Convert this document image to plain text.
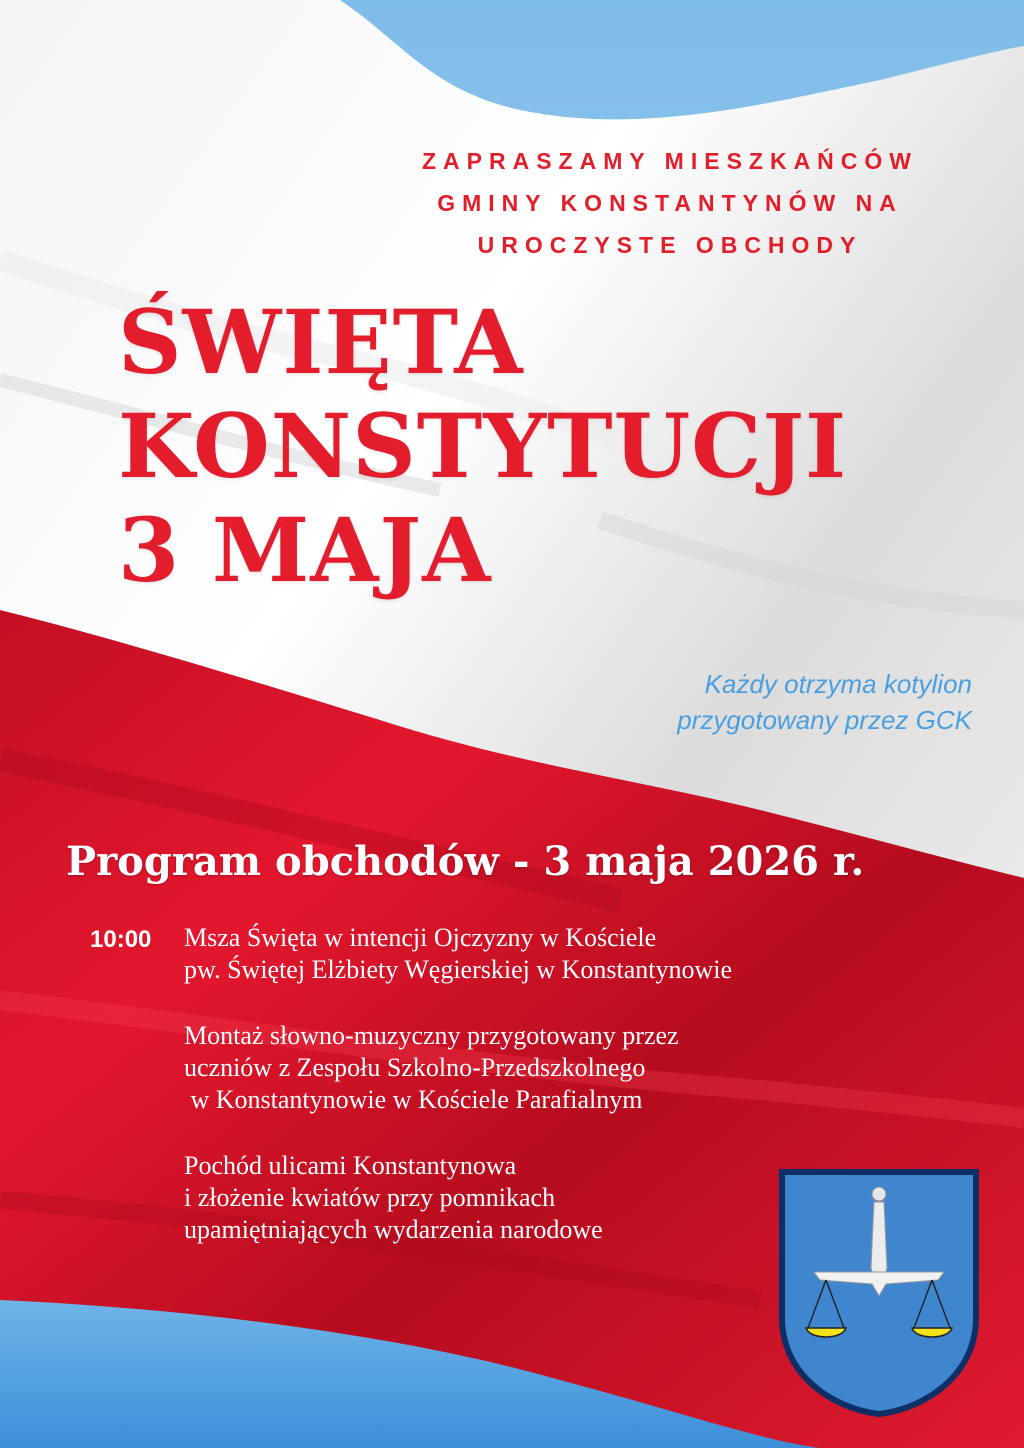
ZAPRASZAMY MIESZKAŃCÓW
GMINY KONSTANTYNÓW NA
UROCZYSTE OBCHODY
ŚWIĘTA
KONSTYTUCJI
3 MAJA
Każdy otrzyma kotylion
przygotowany przez GCK
Program obchodów - 3 maja 2026 r.
10:00 Msza Święta w intencji Ojczyzny w Kościele
pw. Świętej Elżbiety Węgierskiej w Konstantynowie
Montaż słowno-muzyczny przygotowany przez
uczniów z Zespołu Szkolno-Przedszkolnego
w Konstantynowie w Kościele Parafialnym
Pochód ulicami Konstantynowa
i złożenie kwiatów przy pomnikach
upamiętniających wydarzenia narodowe
